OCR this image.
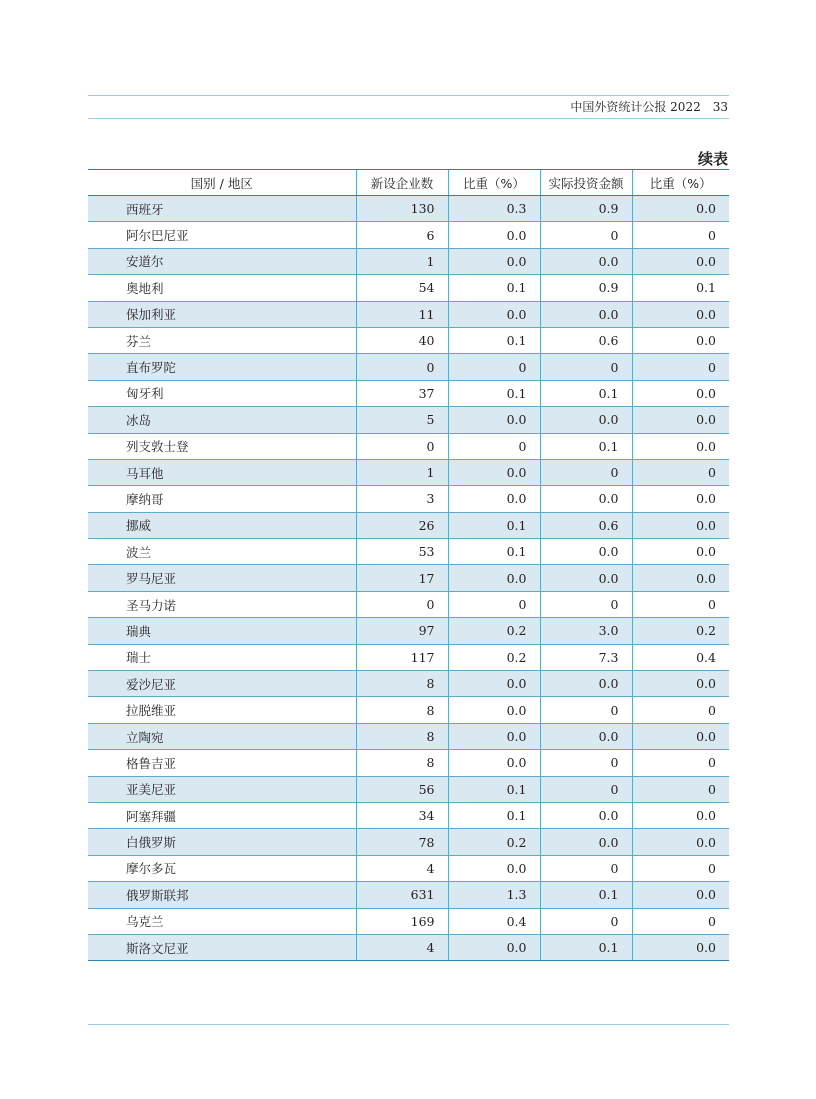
中国外资统计公报 2022 33
续表
国别 / 地区	新设企业数	比重（%）	实际投资金额	比重（%）
西班牙	130	0.3	0.9	0.0
阿尔巴尼亚	6	0.0	0	0
安道尔	1	0.0	0.0	0.0
奥地利	54	0.1	0.9	0.1
保加利亚	11	0.0	0.0	0.0
芬兰	40	0.1	0.6	0.0
直布罗陀	0	0	0	0
匈牙利	37	0.1	0.1	0.0
冰岛	5	0.0	0.0	0.0
列支敦士登	0	0	0.1	0.0
马耳他	1	0.0	0	0
摩纳哥	3	0.0	0.0	0.0
挪威	26	0.1	0.6	0.0
波兰	53	0.1	0.0	0.0
罗马尼亚	17	0.0	0.0	0.0
圣马力诺	0	0	0	0
瑞典	97	0.2	3.0	0.2
瑞士	117	0.2	7.3	0.4
爱沙尼亚	8	0.0	0.0	0.0
拉脱维亚	8	0.0	0	0
立陶宛	8	0.0	0.0	0.0
格鲁吉亚	8	0.0	0	0
亚美尼亚	56	0.1	0	0
阿塞拜疆	34	0.1	0.0	0.0
白俄罗斯	78	0.2	0.0	0.0
摩尔多瓦	4	0.0	0	0
俄罗斯联邦	631	1.3	0.1	0.0
乌克兰	169	0.4	0	0
斯洛文尼亚	4	0.0	0.1	0.0
